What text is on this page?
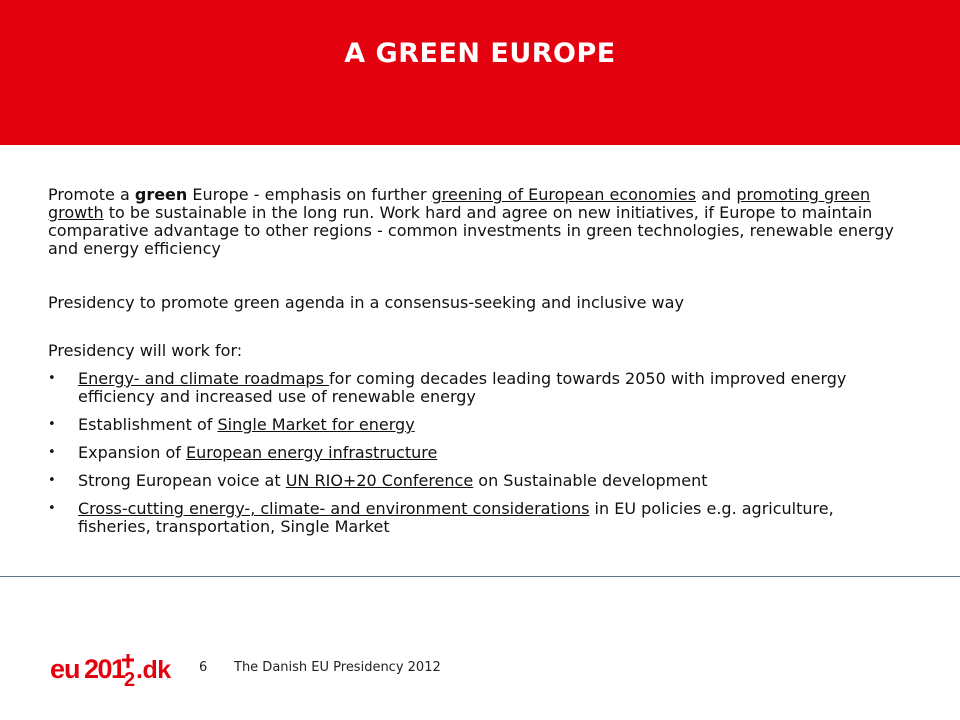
A GREEN EUROPE

Promote a green Europe - emphasis on further greening of European economies and promoting green growth to be sustainable in the long run. Work hard and agree on new initiatives, if Europe to maintain comparative advantage to other regions - common investments in green technologies, renewable energy and energy efficiency

Presidency to promote green agenda in a consensus-seeking and inclusive way

Presidency will work for:

• Energy- and climate roadmaps for coming decades leading towards 2050 with improved energy efficiency and increased use of renewable energy
• Establishment of Single Market for energy
• Expansion of European energy infrastructure
• Strong European voice at UN RIO+20 Conference on Sustainable development
• Cross-cutting energy-, climate- and environment considerations in EU policies e.g. agriculture, fisheries, transportation, Single Market
eu 201 2 .dk 6 The Danish EU Presidency 2012
